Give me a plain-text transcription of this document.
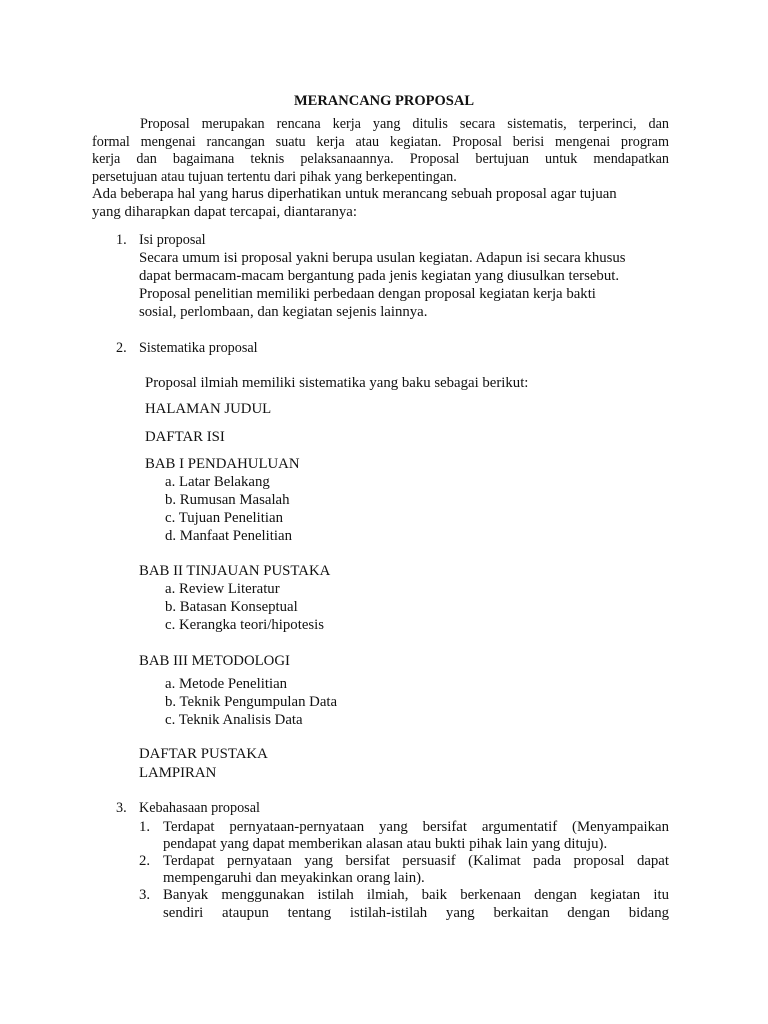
MERANCANG PROPOSAL
Proposal merupakan rencana kerja yang ditulis secara sistematis, terperinci, dan
formal mengenai rancangan suatu kerja atau kegiatan. Proposal berisi mengenai program
kerja dan bagaimana teknis pelaksanaannya. Proposal bertujuan untuk mendapatkan
persetujuan atau tujuan tertentu dari pihak yang berkepentingan.
Ada beberapa hal yang harus diperhatikan untuk merancang sebuah proposal agar tujuan
yang diharapkan dapat tercapai, diantaranya:
1. Isi proposal
Secara umum isi proposal yakni berupa usulan kegiatan. Adapun isi secara khusus
dapat bermacam-macam bergantung pada jenis kegiatan yang diusulkan tersebut.
Proposal penelitian memiliki perbedaan dengan proposal kegiatan kerja bakti
sosial, perlombaan, dan kegiatan sejenis lainnya.
2. Sistematika proposal
Proposal ilmiah memiliki sistematika yang baku sebagai berikut:
HALAMAN JUDUL
DAFTAR ISI
BAB I PENDAHULUAN
a. Latar Belakang
b. Rumusan Masalah
c. Tujuan Penelitian
d. Manfaat Penelitian
BAB II TINJAUAN PUSTAKA
a. Review Literatur
b. Batasan Konseptual
c. Kerangka teori/hipotesis
BAB III METODOLOGI
a. Metode Penelitian
b. Teknik Pengumpulan Data
c. Teknik Analisis Data
DAFTAR PUSTAKA
LAMPIRAN
3. Kebahasaan proposal
1. Terdapat pernyataan-pernyataan yang bersifat argumentatif (Menyampaikan
pendapat yang dapat memberikan alasan atau bukti pihak lain yang dituju).
2. Terdapat pernyataan yang bersifat persuasif (Kalimat pada proposal dapat
mempengaruhi dan meyakinkan orang lain).
3. Banyak menggunakan istilah ilmiah, baik berkenaan dengan kegiatan itu
sendiri ataupun tentang istilah-istilah yang berkaitan dengan bidang
